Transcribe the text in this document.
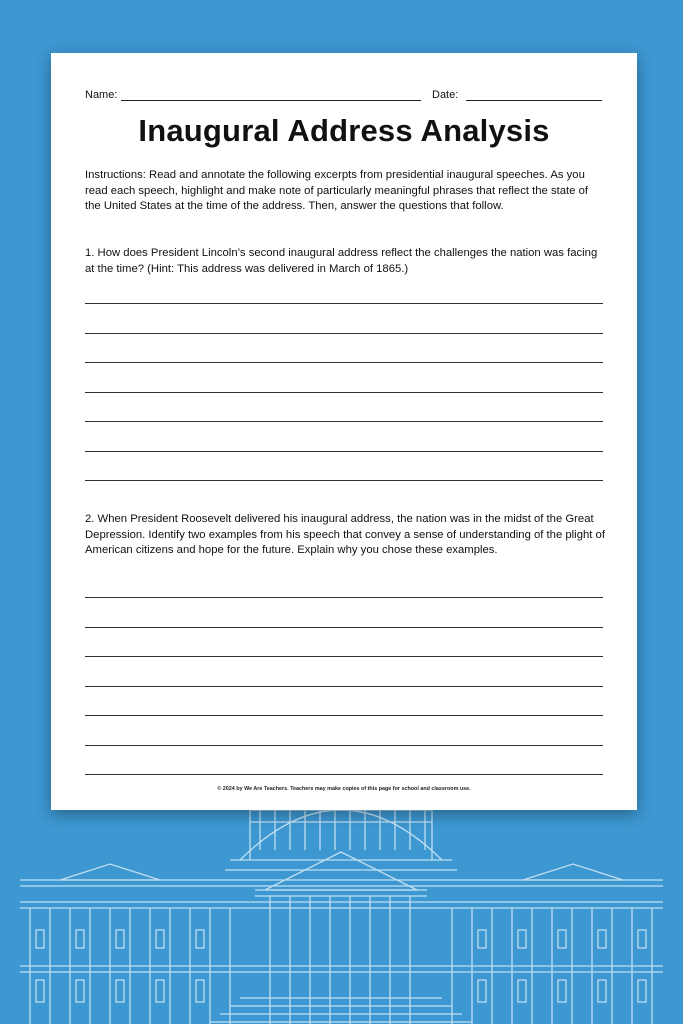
Name:	Date:
Inaugural Address Analysis
Instructions: Read and annotate the following excerpts from presidential inaugural speeches. As you read each speech, highlight and make note of particularly meaningful phrases that reflect the state of the United States at the time of the address. Then, answer the questions that follow.
1. How does President Lincoln’s second inaugural address reflect the challenges the nation was facing at the time? (Hint: This address was delivered in March of 1865.)
2. When President Roosevelt delivered his inaugural address, the nation was in the midst of the Great Depression. Identify two examples from his speech that convey a sense of understanding of the plight of American citizens and hope for the future. Explain why you chose these examples.
© 2024 by We Are Teachers. Teachers may make copies of this page for school and classroom use.
